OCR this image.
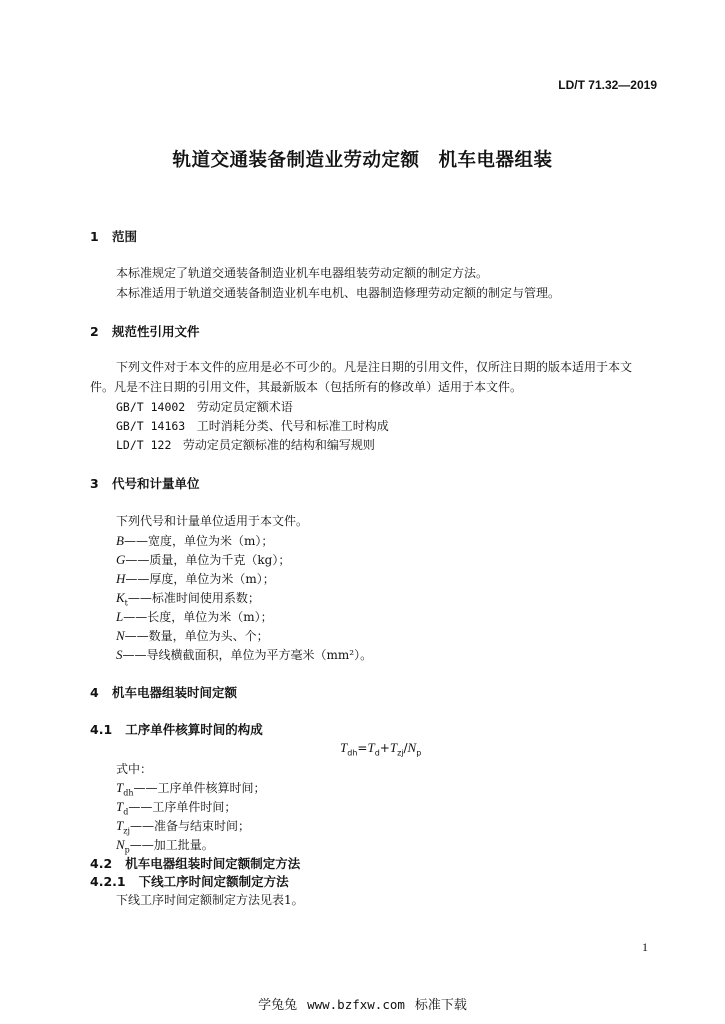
LD/T 71.32—2019
轨道交通装备制造业劳动定额　机车电器组装
1 范围
本标准规定了轨道交通装备制造业机车电器组装劳动定额的制定方法。
本标准适用于轨道交通装备制造业机车电机、电器制造修理劳动定额的制定与管理。
2 规范性引用文件
下列文件对于本文件的应用是必不可少的。凡是注日期的引用文件，仅所注日期的版本适用于本文
件。凡是不注日期的引用文件，其最新版本（包括所有的修改单）适用于本文件。
GB/T 14002 劳动定员定额术语
GB/T 14163 工时消耗分类、代号和标准工时构成
LD/T 122 劳动定员定额标准的结构和编写规则
3 代号和计量单位
下列代号和计量单位适用于本文件。
B——宽度，单位为米（m）；
G——质量，单位为千克（kg）；
H——厚度，单位为米（m）；
$K_t——$标准时间使用系数；
L——长度，单位为米（m）；
N——数量，单位为头、个；
S——导线横截面积，单位为平方毫米（mm²）。
4 机车电器组装时间定额
4.1 工序单件核算时间的构成
$T_{dh}=T_d+T_{zj}/N_p$
式中：
$T_{dh}——$工序单件核算时间；
$T_d——$工序单件时间；
$T_{zj}——$准备与结束时间；
$N_p——$加工批量。
4.2 机车电器组装时间定额制定方法
4.2.1 下线工序时间定额制定方法
下线工序时间定额制定方法见表1。
1
学兔兔 www.bzfxw.com 标准下载
